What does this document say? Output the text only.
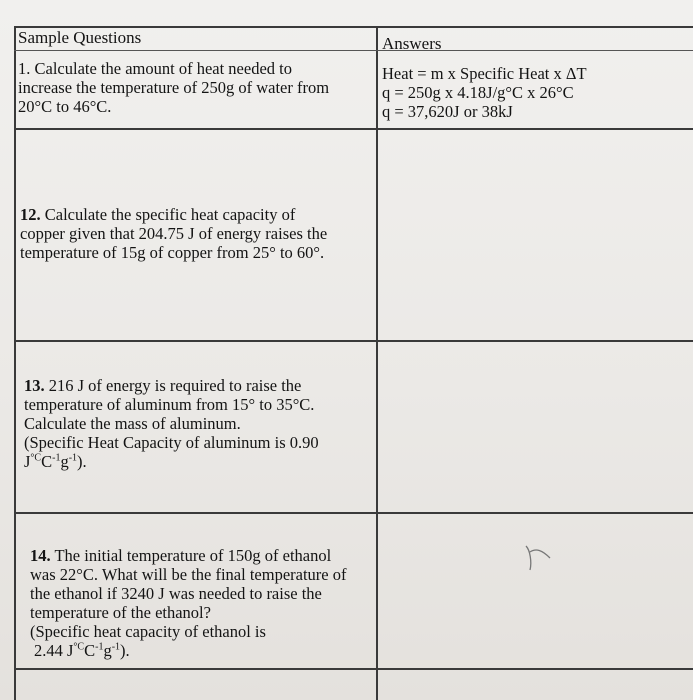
Sample Questions	Answers
1. Calculate the amount of heat needed to
increase the temperature of 250g of water from
20°C to 46°C.
Heat = m x Specific Heat x ΔT
q = 250g x 4.18J/g°C x 26°C
q = 37,620J or 38kJ
12. Calculate the specific heat capacity of
copper given that 204.75 J of energy raises the
temperature of 15g of copper from 25° to 60°.
13. 216 J of energy is required to raise the
temperature of aluminum from 15° to 35°C.
Calculate the mass of aluminum.
(Specific Heat Capacity of aluminum is 0.90
$J^{^\circ C}C^{-1}g^{-1}$).
14. The initial temperature of 150g of ethanol
was 22°C. What will be the final temperature of
the ethanol if 3240 J was needed to raise the
temperature of the ethanol?
(Specific heat capacity of ethanol is
2.44 $J^{^\circ C}C^{-1}g^{-1}$).
